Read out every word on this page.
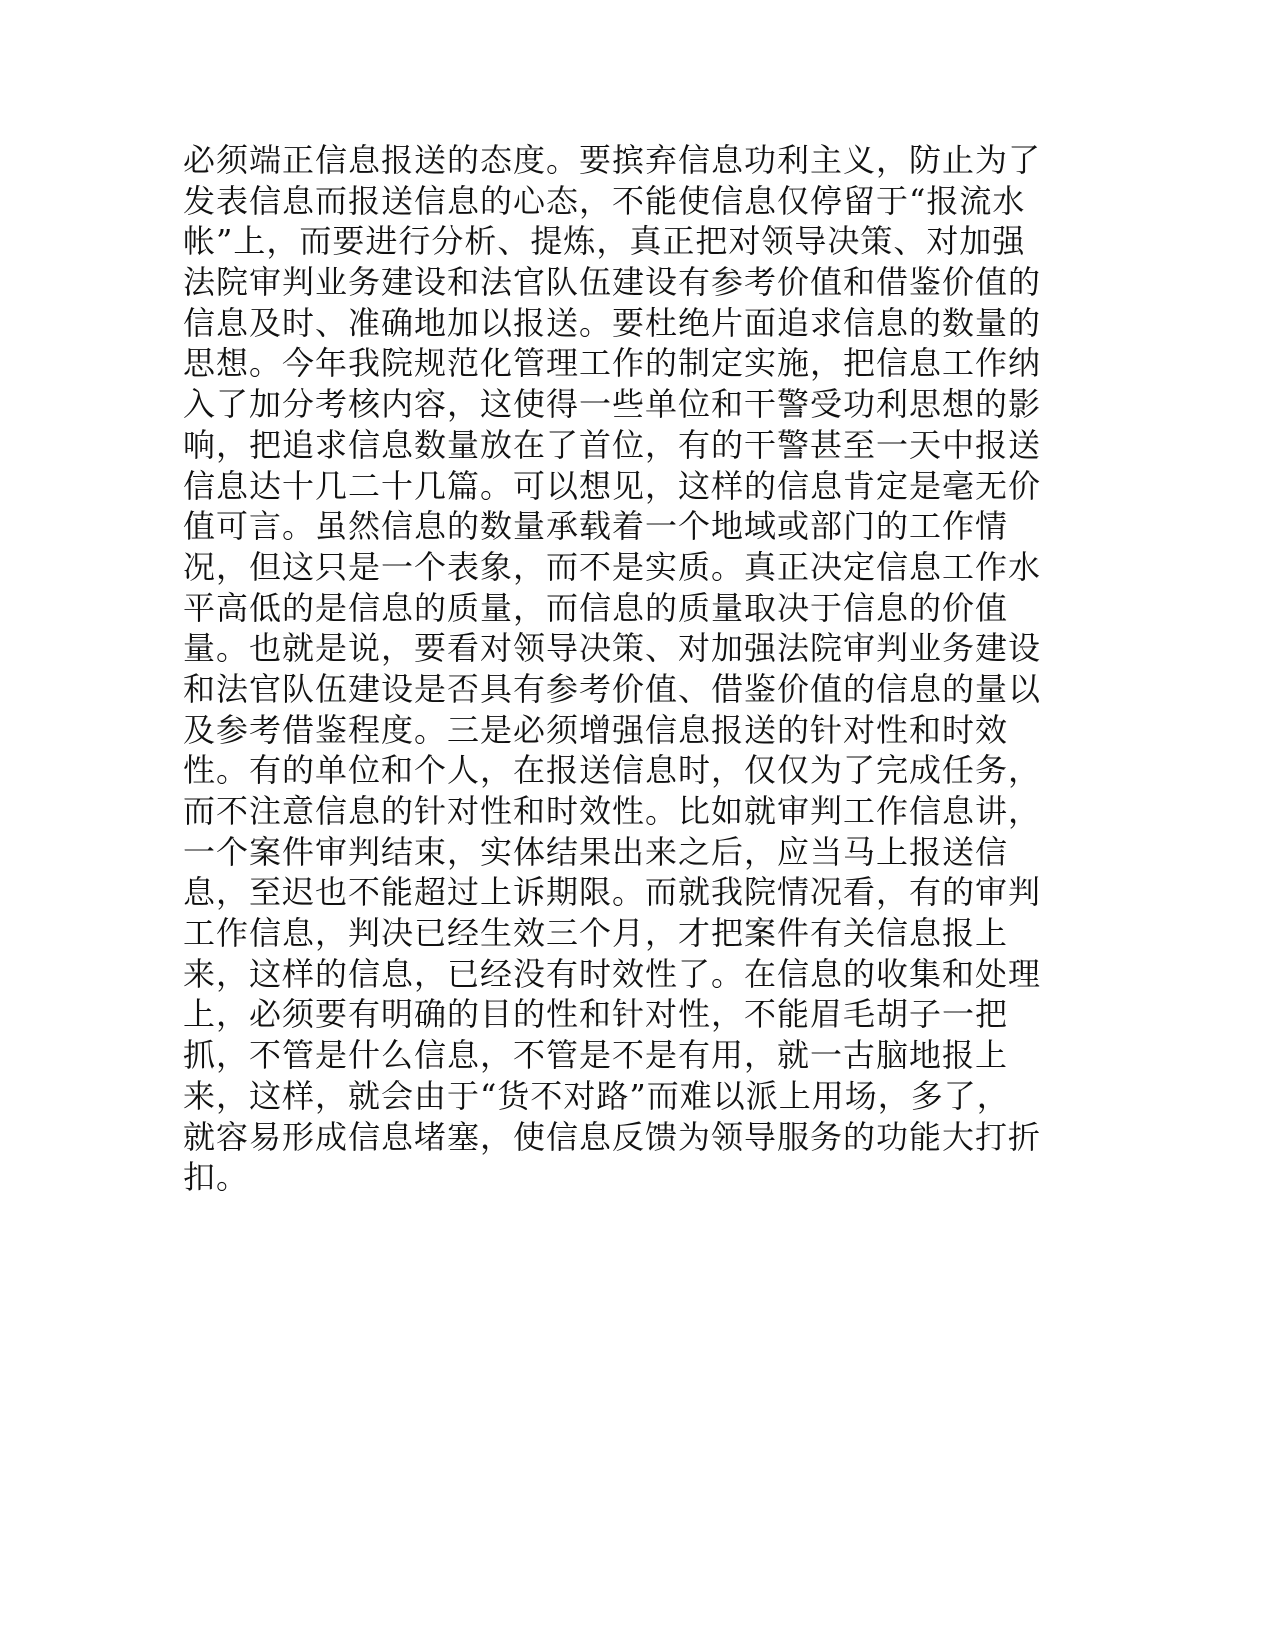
必须端正信息报送的态度。要摈弃信息功利主义，防止为了
发表信息而报送信息的心态，不能使信息仅停留于“报流水
帐”上，而要进行分析、提炼，真正把对领导决策、对加强
法院审判业务建设和法官队伍建设有参考价值和借鉴价值的
信息及时、准确地加以报送。要杜绝片面追求信息的数量的
思想。今年我院规范化管理工作的制定实施，把信息工作纳
入了加分考核内容，这使得一些单位和干警受功利思想的影
响，把追求信息数量放在了首位，有的干警甚至一天中报送
信息达十几二十几篇。可以想见，这样的信息肯定是毫无价
值可言。虽然信息的数量承载着一个地域或部门的工作情
况，但这只是一个表象，而不是实质。真正决定信息工作水
平高低的是信息的质量，而信息的质量取决于信息的价值
量。也就是说，要看对领导决策、对加强法院审判业务建设
和法官队伍建设是否具有参考价值、借鉴价值的信息的量以
及参考借鉴程度。三是必须增强信息报送的针对性和时效
性。有的单位和个人，在报送信息时，仅仅为了完成任务，
而不注意信息的针对性和时效性。比如就审判工作信息讲，
一个案件审判结束，实体结果出来之后，应当马上报送信
息，至迟也不能超过上诉期限。而就我院情况看，有的审判
工作信息，判决已经生效三个月，才把案件有关信息报上
来，这样的信息，已经没有时效性了。在信息的收集和处理
上，必须要有明确的目的性和针对性，不能眉毛胡子一把
抓，不管是什么信息，不管是不是有用，就一古脑地报上
来，这样，就会由于“货不对路”而难以派上用场，多了，
就容易形成信息堵塞，使信息反馈为领导服务的功能大打折
扣。
